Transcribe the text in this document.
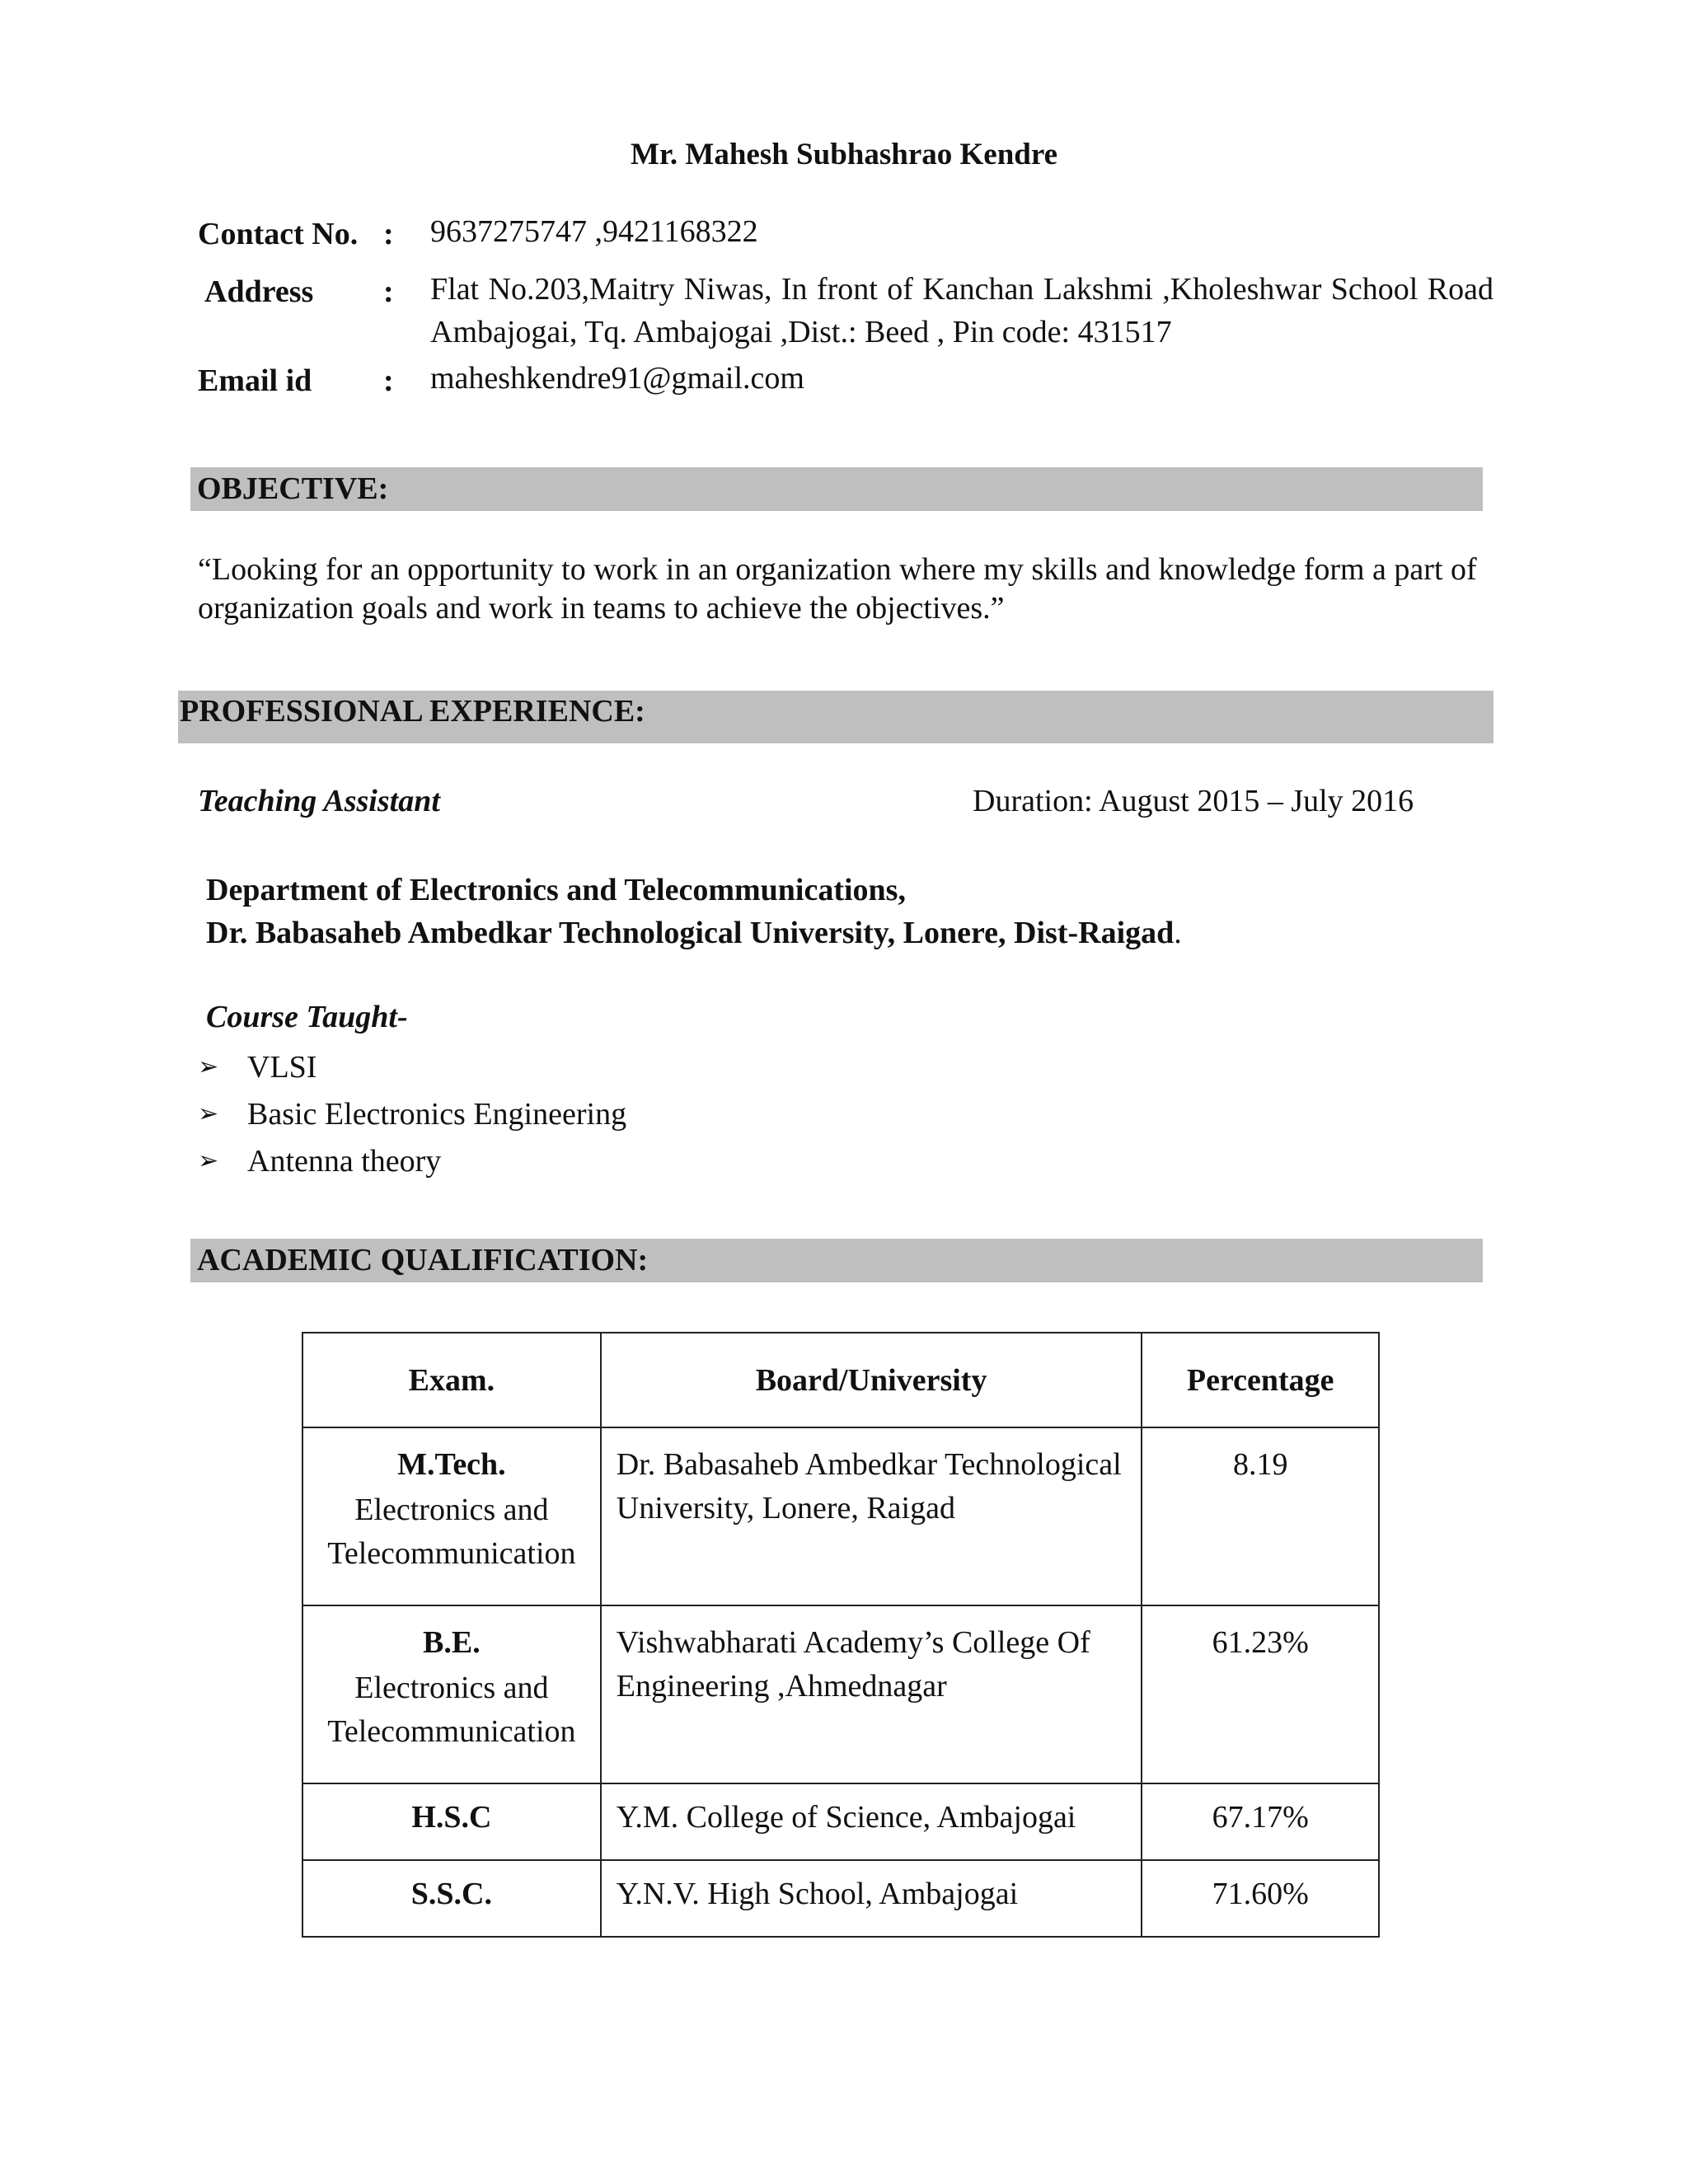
Mr. Mahesh Subhashrao Kendre
Contact No. :	9637275747 ,9421168322
Address	:	Flat No.203,Maitry Niwas, In front of Kanchan Lakshmi ,Kholeshwar School Road Ambajogai, Tq. Ambajogai ,Dist.: Beed , Pin code: 431517
Email id	:	maheshkendre91@gmail.com
OBJECTIVE:
“Looking for an opportunity to work in an organization where my skills and knowledge form a part of organization goals and work in teams to achieve the objectives.”
PROFESSIONAL EXPERIENCE:
Teaching Assistant	Duration: August 2015 – July 2016
Department of Electronics and Telecommunications,
Dr. Babasaheb Ambedkar Technological University, Lonere, Dist-Raigad.
Course Taught-
➢ VLSI
➢ Basic Electronics Engineering
➢ Antenna theory
ACADEMIC QUALIFICATION:
Exam.	Board/University	Percentage

M.Tech.
Electronics and Telecommunication	Dr. Babasaheb Ambedkar Technological University, Lonere, Raigad	8.19

B.E.
Electronics and Telecommunication	Vishwabharati Academy’s College Of Engineering ,Ahmednagar	61.23%

H.S.C	Y.M. College of Science, Ambajogai	67.17%

S.S.C.	Y.N.V. High School, Ambajogai	71.60%
